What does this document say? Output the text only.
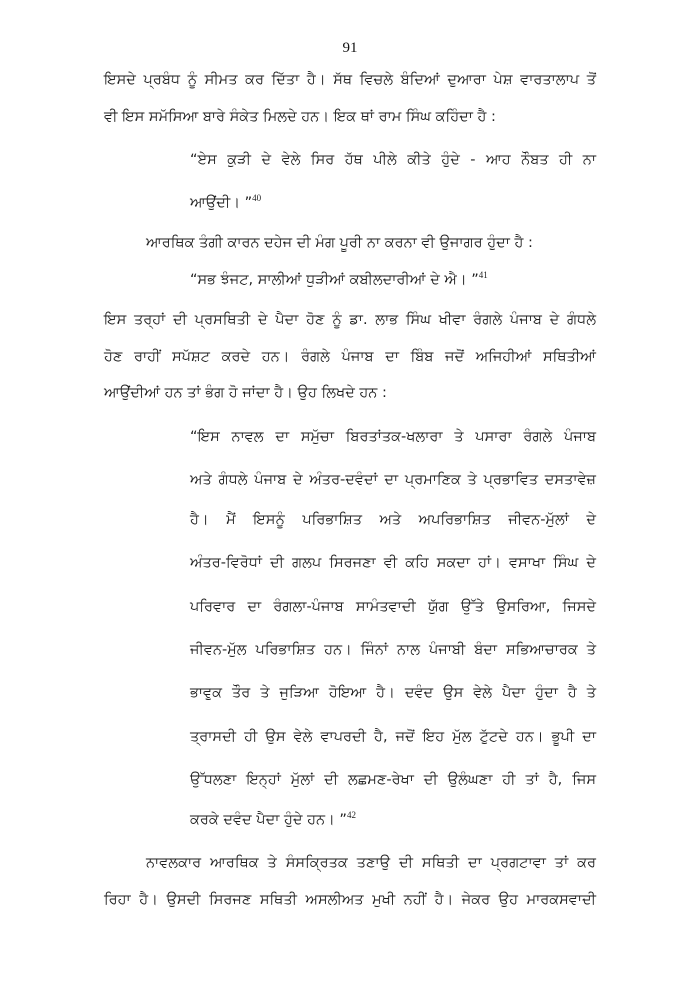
91
ਇਸਦੇ ਪ੍ਰਬੰਧ ਨੂੰ ਸੀਮਤ ਕਰ ਦਿੱਤਾ ਹੈ। ਸੱਥ ਵਿਚਲੇ ਬੰਦਿਆਂ ਦੁਆਰਾ ਪੇਸ਼ ਵਾਰਤਾਲਾਪ ਤੋਂ
ਵੀ ਇਸ ਸਮੱਸਿਆ ਬਾਰੇ ਸੰਕੇਤ ਮਿਲਦੇ ਹਨ। ਇਕ ਥਾਂ ਰਾਮ ਸਿੰਘ ਕਹਿੰਦਾ ਹੈ :
“ਏਸ ਕੁੜੀ ਦੇ ਵੇਲੇ ਸਿਰ ਹੱਥ ਪੀਲੇ ਕੀਤੇ ਹੁੰਦੇ - ਆਹ ਨੌਬਤ ਹੀ ਨਾ
ਆਉਂਦੀ। ”$^{40}$
ਆਰਥਿਕ ਤੰਗੀ ਕਾਰਨ ਦਹੇਜ ਦੀ ਮੰਗ ਪੂਰੀ ਨਾ ਕਰਨਾ ਵੀ ਉਜਾਗਰ ਹੁੰਦਾ ਹੈ :
“ਸਭ ਝੰਜਟ, ਸਾਲੀਆਂ ਧੁੜੀਆਂ ਕਬੀਲਦਾਰੀਆਂ ਦੇ ਐ। ”$^{41}$
ਇਸ ਤਰ੍ਹਾਂ ਦੀ ਪ੍ਰਸਥਿਤੀ ਦੇ ਪੈਦਾ ਹੋਣ ਨੂੰ ਡਾ. ਲਾਭ ਸਿੰਘ ਖੀਵਾ ਰੰਗਲੇ ਪੰਜਾਬ ਦੇ ਗੰਧਲੇ
ਹੋਣ ਰਾਹੀਂ ਸਪੱਸ਼ਟ ਕਰਦੇ ਹਨ। ਰੰਗਲੇ ਪੰਜਾਬ ਦਾ ਬਿੰਬ ਜਦੋਂ ਅਜਿਹੀਆਂ ਸਥਿਤੀਆਂ
ਆਉਂਦੀਆਂ ਹਨ ਤਾਂ ਭੰਗ ਹੋ ਜਾਂਦਾ ਹੈ। ਉਹ ਲਿਖਦੇ ਹਨ :
“ਇਸ ਨਾਵਲ ਦਾ ਸਮੁੱਚਾ ਬਿਰਤਾਂਤਕ-ਖਲਾਰਾ ਤੇ ਪਸਾਰਾ ਰੰਗਲੇ ਪੰਜਾਬ
ਅਤੇ ਗੰਧਲੇ ਪੰਜਾਬ ਦੇ ਅੰਤਰ-ਦਵੰਦਾਂ ਦਾ ਪ੍ਰਮਾਣਿਕ ਤੇ ਪ੍ਰਭਾਵਿਤ ਦਸਤਾਵੇਜ਼
ਹੈ। ਮੈਂ ਇਸਨੂੰ ਪਰਿਭਾਸ਼ਿਤ ਅਤੇ ਅਪਰਿਭਾਸ਼ਿਤ ਜੀਵਨ-ਮੁੱਲਾਂ ਦੇ
ਅੰਤਰ-ਵਿਰੋਧਾਂ ਦੀ ਗਲਪ ਸਿਰਜਣਾ ਵੀ ਕਹਿ ਸਕਦਾ ਹਾਂ। ਵਸਾਖਾ ਸਿੰਘ ਦੇ
ਪਰਿਵਾਰ ਦਾ ਰੰਗਲਾ-ਪੰਜਾਬ ਸਾਮੰਤਵਾਦੀ ਯੁੱਗ ਉੱਤੇ ਉਸਰਿਆ, ਜਿਸਦੇ
ਜੀਵਨ-ਮੁੱਲ ਪਰਿਭਾਸ਼ਿਤ ਹਨ। ਜਿੰਨਾਂ ਨਾਲ ਪੰਜਾਬੀ ਬੰਦਾ ਸਭਿਆਚਾਰਕ ਤੇ
ਭਾਵੁਕ ਤੌਰ ਤੇ ਜੁੜਿਆ ਹੋਇਆ ਹੈ। ਦਵੰਦ ਉਸ ਵੇਲੇ ਪੈਦਾ ਹੁੰਦਾ ਹੈ ਤੇ
ਤ੍ਰਾਸਦੀ ਹੀ ਉਸ ਵੇਲੇ ਵਾਪਰਦੀ ਹੈ, ਜਦੋਂ ਇਹ ਮੁੱਲ ਟੁੱਟਦੇ ਹਨ। ਭੂਪੀ ਦਾ
ਉੱਧਲਣਾ ਇਨ੍ਹਾਂ ਮੁੱਲਾਂ ਦੀ ਲਛਮਣ-ਰੇਖਾ ਦੀ ਉਲੰਘਣਾ ਹੀ ਤਾਂ ਹੈ, ਜਿਸ
ਕਰਕੇ ਦਵੰਦ ਪੈਦਾ ਹੁੰਦੇ ਹਨ। ”$^{42}$
ਨਾਵਲਕਾਰ ਆਰਥਿਕ ਤੇ ਸੰਸਕ੍ਰਿਤਕ ਤਣਾਉ ਦੀ ਸਥਿਤੀ ਦਾ ਪ੍ਰਗਟਾਵਾ ਤਾਂ ਕਰ
ਰਿਹਾ ਹੈ। ਉਸਦੀ ਸਿਰਜਣ ਸਥਿਤੀ ਅਸਲੀਅਤ ਮੁਖੀ ਨਹੀਂ ਹੈ। ਜੇਕਰ ਉਹ ਮਾਰਕਸਵਾਦੀ
